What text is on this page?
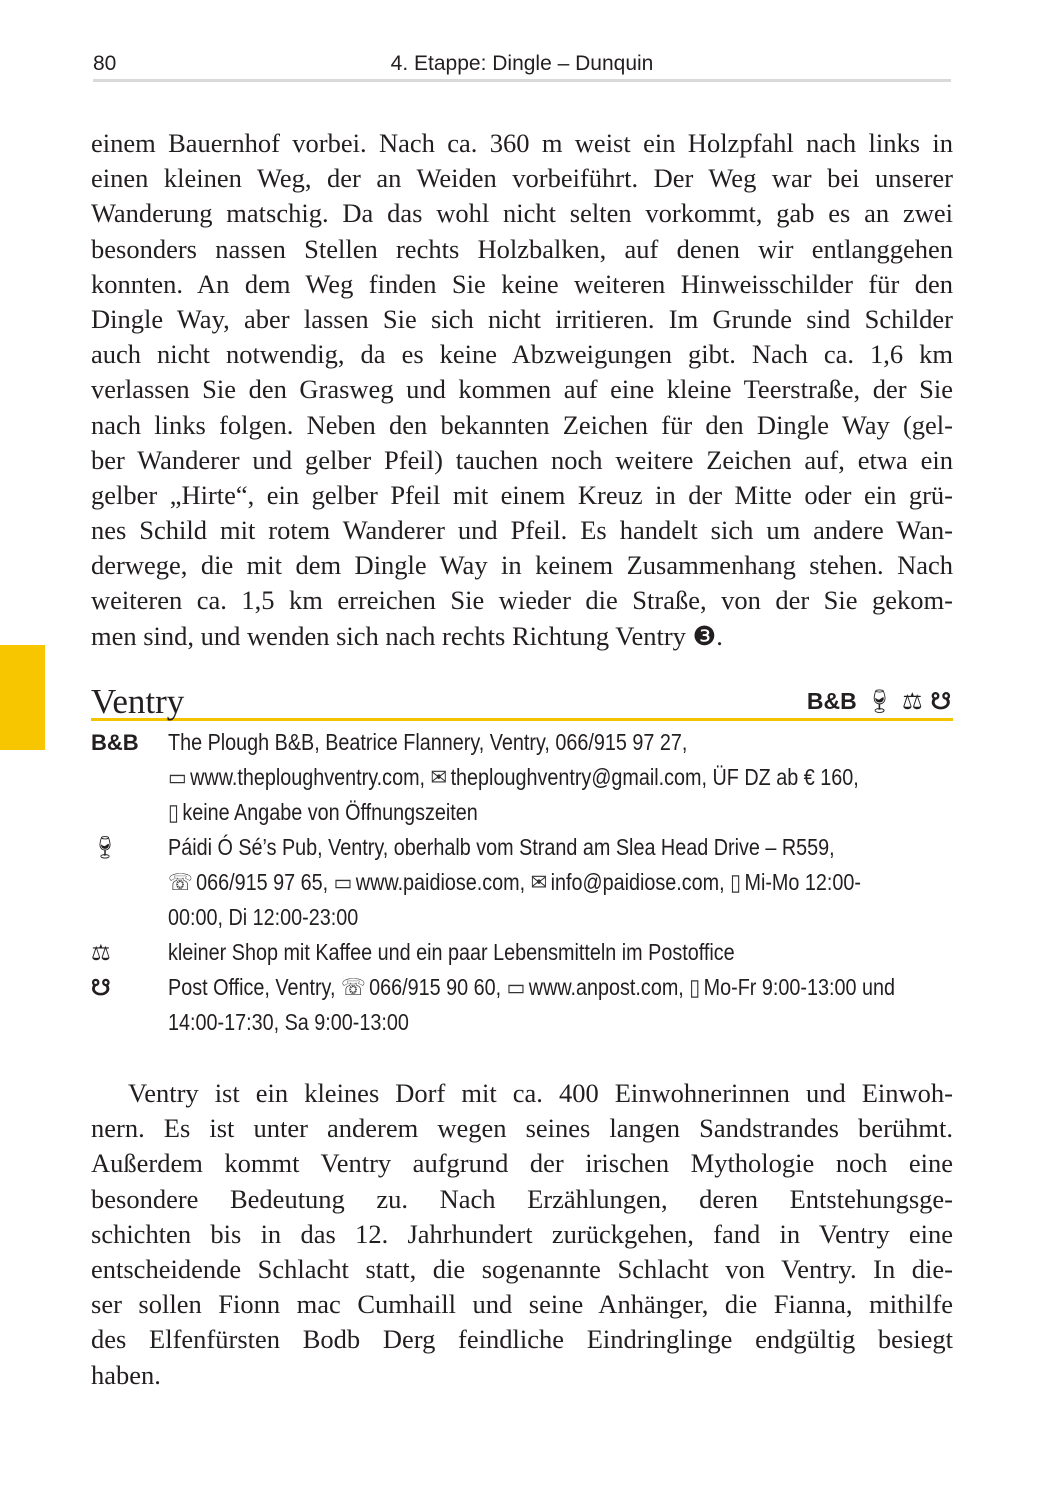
80	4. Etappe: Dingle – Dunquin
einem Bauernhof vorbei. Nach ca. 360 m weist ein Holzpfahl nach links in
einen kleinen Weg, der an Weiden vorbeiführt. Der Weg war bei unserer
Wanderung matschig. Da das wohl nicht selten vorkommt, gab es an zwei
besonders nassen Stellen rechts Holzbalken, auf denen wir entlanggehen
konnten. An dem Weg finden Sie keine weiteren Hinweisschilder für den
Dingle Way, aber lassen Sie sich nicht irritieren. Im Grunde sind Schilder
auch nicht notwendig, da es keine Abzweigungen gibt. Nach ca. 1,6 km
verlassen Sie den Grasweg und kommen auf eine kleine Teerstraße, der Sie
nach links folgen. Neben den bekannten Zeichen für den Dingle Way (gel-
ber Wanderer und gelber Pfeil) tauchen noch weitere Zeichen auf, etwa ein
gelber „Hirte“, ein gelber Pfeil mit einem Kreuz in der Mitte oder ein grü-
nes Schild mit rotem Wanderer und Pfeil. Es handelt sich um andere Wan-
derwege, die mit dem Dingle Way in keinem Zusammenhang stehen. Nach
weiteren ca. 1,5 km erreichen Sie wieder die Straße, von der Sie gekom-
men sind, und wenden sich nach rechts Richtung Ventry ❸.
Ventry	B&B 🍷︎ ⚖︎ ☋
B&B	The Plough B&B, Beatrice Flannery, Ventry, 066/915 97 27,
▭ www.theploughventry.com, ✉ theploughventry@gmail.com, ÜF DZ ab € 160,
▯ keine Angabe von Öffnungszeiten
🍷︎	Páidi Ó Sé’s Pub, Ventry, oberhalb vom Strand am Slea Head Drive – R559,
☏ 066/915 97 65, ▭ www.paidiose.com, ✉ info@paidiose.com, ▯ Mi-Mo 12:00-
00:00, Di 12:00-23:00
⚖︎	kleiner Shop mit Kaffee und ein paar Lebensmitteln im Postoffice
☋	Post Office, Ventry, ☏ 066/915 90 60, ▭ www.anpost.com, ▯ Mo-Fr 9:00-13:00 und
14:00-17:30, Sa 9:00-13:00
Ventry ist ein kleines Dorf mit ca. 400 Einwohnerinnen und Einwoh-
nern. Es ist unter anderem wegen seines langen Sandstrandes berühmt.
Außerdem kommt Ventry aufgrund der irischen Mythologie noch eine
besondere Bedeutung zu. Nach Erzählungen, deren Entstehungsge-
schichten bis in das 12. Jahrhundert zurückgehen, fand in Ventry eine
entscheidende Schlacht statt, die sogenannte Schlacht von Ventry. In die-
ser sollen Fionn mac Cumhaill und seine Anhänger, die Fianna, mithilfe
des Elfenfürsten Bodb Derg feindliche Eindringlinge endgültig besiegt
haben.
